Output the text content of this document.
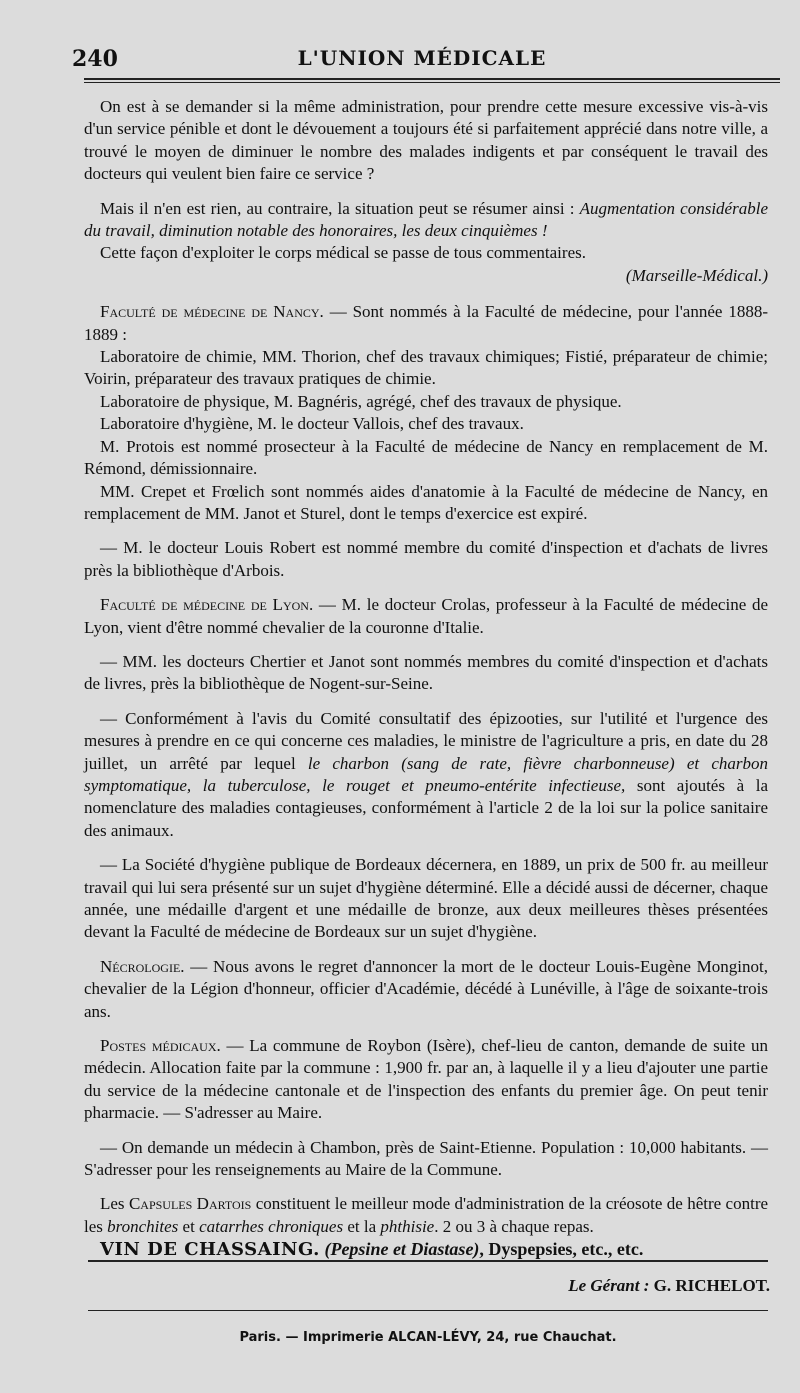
L'UNION MÉDICALE
240

On est à se demander si la même administration, pour prendre cette mesure excessive vis-à-vis d'un service pénible et dont le dévouement a toujours été si parfaitement apprécié dans notre ville, a trouvé le moyen de diminuer le nombre des malades indigents et par conséquent le travail des docteurs qui veulent bien faire ce service ?

Mais il n'en est rien, au contraire, la situation peut se résumer ainsi : Augmentation considérable du travail, diminution notable des honoraires, les deux cinquièmes !

Cette façon d'exploiter le corps médical se passe de tous commentaires.

(Marseille-Médical.)

Faculté de médecine de Nancy. — Sont nommés à la Faculté de médecine, pour l'année 1888-1889 :

Laboratoire de chimie, MM. Thorion, chef des travaux chimiques; Fistié, préparateur de chimie; Voirin, préparateur des travaux pratiques de chimie.

Laboratoire de physique, M. Bagnéris, agrégé, chef des travaux de physique.

Laboratoire d'hygiène, M. le docteur Vallois, chef des travaux.

M. Protois est nommé prosecteur à la Faculté de médecine de Nancy en remplacement de M. Rémond, démissionnaire.

MM. Crepet et Frœlich sont nommés aides d'anatomie à la Faculté de médecine de Nancy, en remplacement de MM. Janot et Sturel, dont le temps d'exercice est expiré.

— M. le docteur Louis Robert est nommé membre du comité d'inspection et d'achats de livres près la bibliothèque d'Arbois.

Faculté de médecine de Lyon. — M. le docteur Crolas, professeur à la Faculté de médecine de Lyon, vient d'être nommé chevalier de la couronne d'Italie.

— MM. les docteurs Chertier et Janot sont nommés membres du comité d'inspection et d'achats de livres, près la bibliothèque de Nogent-sur-Seine.

— Conformément à l'avis du Comité consultatif des épizooties, sur l'utilité et l'urgence des mesures à prendre en ce qui concerne ces maladies, le ministre de l'agriculture a pris, en date du 28 juillet, un arrêté par lequel le charbon (sang de rate, fièvre charbonneuse) et charbon symptomatique, la tuberculose, le rouget et pneumo-entérite infectieuse, sont ajoutés à la nomenclature des maladies contagieuses, conformément à l'article 2 de la loi sur la police sanitaire des animaux.

— La Société d'hygiène publique de Bordeaux décernera, en 1889, un prix de 500 fr. au meilleur travail qui lui sera présenté sur un sujet d'hygiène déterminé. Elle a décidé aussi de décerner, chaque année, une médaille d'argent et une médaille de bronze, aux deux meilleures thèses présentées devant la Faculté de médecine de Bordeaux sur un sujet d'hygiène.

Nécrologie. — Nous avons le regret d'annoncer la mort de le docteur Louis-Eugène Monginot, chevalier de la Légion d'honneur, officier d'Académie, décédé à Lunéville, à l'âge de soixante-trois ans.

Postes médicaux. — La commune de Roybon (Isère), chef-lieu de canton, demande de suite un médecin. Allocation faite par la commune : 1,900 fr. par an, à laquelle il y a lieu d'ajouter une partie du service de la médecine cantonale et de l'inspection des enfants du premier âge. On peut tenir pharmacie. — S'adresser au Maire.

— On demande un médecin à Chambon, près de Saint-Etienne. Population : 10,000 habitants. — S'adresser pour les renseignements au Maire de la Commune.

Les Capsules Dartois constituent le meilleur mode d'administration de la créosote de hêtre contre les bronchites et catarrhes chroniques et la phthisie. 2 ou 3 à chaque repas.

VIN DE CHASSAING. (Pepsine et Diastase), Dyspepsies, etc., etc.

Le Gérant : G. RICHELOT.
Paris. — Imprimerie ALCAN-LÉVY, 24, rue Chauchat.
